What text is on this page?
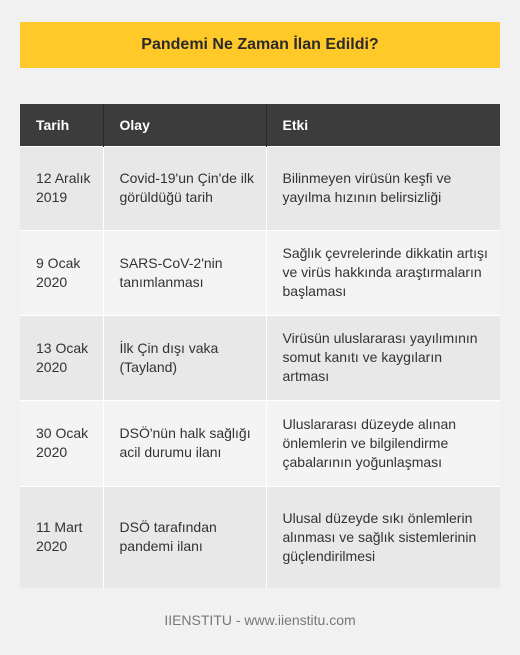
Pandemi Ne Zaman İlan Edildi?
Tarih	Olay	Etki
12 Aralık 2019	Covid-19'un Çin'de ilk görüldüğü tarih	Bilinmeyen virüsün keşfi ve yayılma hızının belirsizliği
9 Ocak 2020	SARS-CoV-2'nin tanımlanması	Sağlık çevrelerinde dikkatin artışı ve virüs hakkında araştırmaların başlaması
13 Ocak 2020	İlk Çin dışı vaka (Tayland)	Virüsün uluslararası yayılımının somut kanıtı ve kaygıların artması
30 Ocak 2020	DSÖ'nün halk sağlığı acil durumu ilanı	Uluslararası düzeyde alınan önlemlerin ve bilgilendirme çabalarının yoğunlaşması
11 Mart 2020	DSÖ tarafından pandemi ilanı	Ulusal düzeyde sıkı önlemlerin alınması ve sağlık sistemlerinin güçlendirilmesi
IIENSTITU - www.iienstitu.com
